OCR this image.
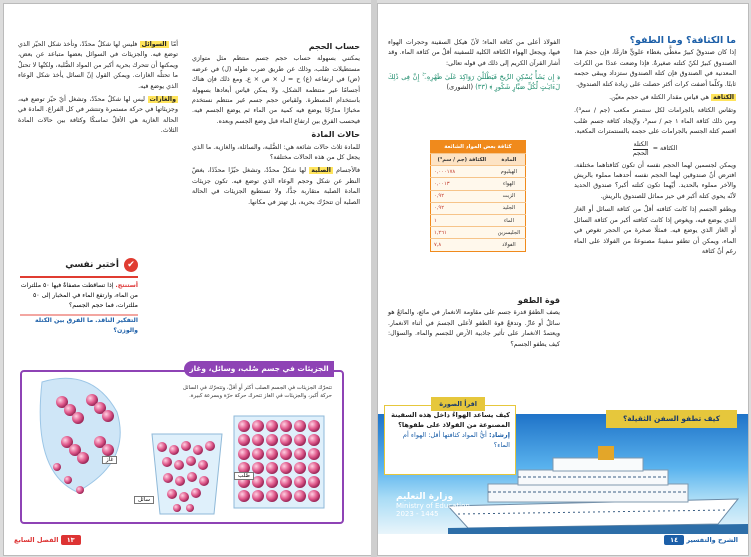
حساب الحجم

يمكنني بسهولة حساب حجم جسم منتظم مثل متوازي مستطيلات صُلب، وذلك عن طريق ضرب طوله (ل) في عرضه (ض) في ارتفاعه (ع) ح = ل × ض × ع. ومع ذلك فإن هناك أجسامًا غير منتظمة الشكل، ولا يمكن قياس أبعادها بسهولة باستخدام المسطرة. ولقياس حجم جسم غير منتظم نستخدم مخبارًا مدرّجًا يوضع فيه كمية من الماء ثم يوضع الجسم فيه. فيحسب الفرق بين ارتفاع الماء قبل وضع الجسم وبعده.

حالات المادة

للمادة ثلاث حالات شائعة هي: الصُّلبة، والسائلة، والغازية. ما الذي يجعل كل من هذه الحالات مختلفة؟

فالأجسام الصلبة لها شكلٌ محدّدٌ، وتشغل حيّزًا محدّدًا، بغضّ النظر عن شكل وحجم الوعاء الذي توضع فيه. تكون جزيئات المادة الصلبة متقاربة جدًّا، ولا تستطيع الجزيئات في الحالة الصلبة أن تتحرّك بحرية، بل تهتز في مكانها.

أمّا السوائل فليس لها شكلٌ محدّدٌ، وتأخذ شكل الحيّز الذي توضع فيه. والجزيئات في السوائل بعضها متباعد عن بعض، ويمكنها أن تتحرك بحرية أكبر من المواد الصُّلبة، ولكنّها لا تحتلّ ما تحتلّه الغازات. ويمكن القول إنّ السائل يأخذ شكل الوعاء الذي يوضع فيه.

والغازات ليس لها شكلٌ محدّدٌ، وتشغل أيّ حيّز توضع فيه، وجزيئاتها في حركة مستمرة وتنتشر في كل الفراغ. المادة في الحالة الغازية هي الأقلّ تماسكًا وكثافة بين حالات المادة الثلاث.

✔
أختبر نفسي
أستنتج. إذا تساقطت مصفاةٌ فيها ٥٠ مللترات من الماء، وارتفع الماء في المخبار إلى ٥٠ مللترات، فما حجم الجسم؟
التفكير الناقد. ما الفرق بين الكتلة والوزن؟
تتحرّك الجزيئات في الجسم الصلب أكثر أو أقلّ، وتتحرّك في السائل حركة أكبر، والجزيئات في الغاز تتحرك حركة حرّة وبسرعة كبيرة.
غاز
سائل
صُلب
الجزيئات في جسم صُلب، وسائل، وغاز
١٣ الفصل السابع
ما الكثافة؟ وما الطفو؟

إذا كان صندوقٌ كبيرٌ مغطًّى بغطاء علويٍّ فارغًا، فإن حجمَ هذا الصندوق كبيرٌ لكنّ كتلته صغيرةٌ. فإذا وضعت عددًا من الكرات المعدنية في الصندوق فإن كتلة الصندوق ستزداد ويبقى حجمه ثابتًا. وكلّما أضفت كرات أكثر حصلت على زيادة كتلة الصندوق.

الكثافة هي قياس مقدار الكتلة في حجم معيّن.

وتقاس الكثافة بالجرامات لكل سنتمتر مكعب (جم / سم³). ومن ذلك كثافة الماء ١ جم / سم³، ولإيجاد كثافة جسم صُلب اقسم كتلة الجسم بالجرامات على حجمه بالسنتمترات المكعبة.

الكثافة =
الكتلة
الحجم

ويمكن لجسمين لهما الحجم نفسه أن تكون كثافتاهما مختلفة. افترض أنّ صندوقين لهما الحجم نفسه أحدهما مملوء بالريش والآخر مملوء بالحديد. أيّهما تكون كتلته أكبر؟ صندوق الحديد لأنّه يحوي كتلة أكبر في حيز مماثل للصندوق بالريش.

ويطفو الجسم إذا كانت كثافته أقلّ من كثافة السائل أو الغاز الذي يوضع فيه، ويغوص إذا كانت كثافته أكبر من كثافة السائل أو الغاز الذي يوضع فيه. فمثلًا صخرة من الحجر تغوص في الماء، ويمكن أن تطفو سفينةٌ مصنوعةٌ من الفولاذ على الماء رغم أنّ كثافة

الفولاذ أعلى من كثافة الماء؛ لأنّ هيكل السفينة وحجرات الهواء فيها، ويجعل الهواء الكثافة الكلية للسفينة أقلّ من كثافة الماء. وقد أشار القرآن الكريم إلى ذلك في قوله تعالى:

﴿ إِن يَشَأْ يُسْكِنِ الرِّيحَ فَيَظْلَلْنَ رَوَاكِدَ عَلَىٰ ظَهْرِهِۦٓ ۚ إِنَّ فِى ذَٰلِكَ لَءَايَـٰتٍ لِّكُلِّ صَبَّارٍ شَكُورٍ ﴾ (٣٣) (الشورى)

كثافة بعض المواد الشائعة	
المادة	الكثافة (جم / سم³)
الهيليوم	٠,٠٠٠١٧٨
الهواء	٠,٠٠١٣
الزيت	٠,٩٢
الجليد	٠,٩٢
الماء	١
الجليسرين	١,٢٦١
الفولاذ	٧,٨
قوة الطفو

يصف الطفوُ قدرة جسم على مقاومة الانغمار في مائع، والمائعُ هو سائلٌ أو غازٌ. وتدفعُ قوة الطفو لأعلى الجسمَ في أثناء الانغمار. ويعتمدُ الانغمار على تأثير جاذبية الأرض للجسم والماء. والسؤال: كيف يطفو الجسم؟

وزارة التعليم
Ministry of Education
2023 - 1445
كيف تطفو السفن الثقيلة؟
اقرأ الصورة
كيف يساعد الهواءُ داخل هذه السفينة المصنوعة من الفولاذ على طفوها؟
إرشاد: أيُّ المواد كثافتها أقل: الهواء أم الماء؟
الشرح والتفسير ١٤
